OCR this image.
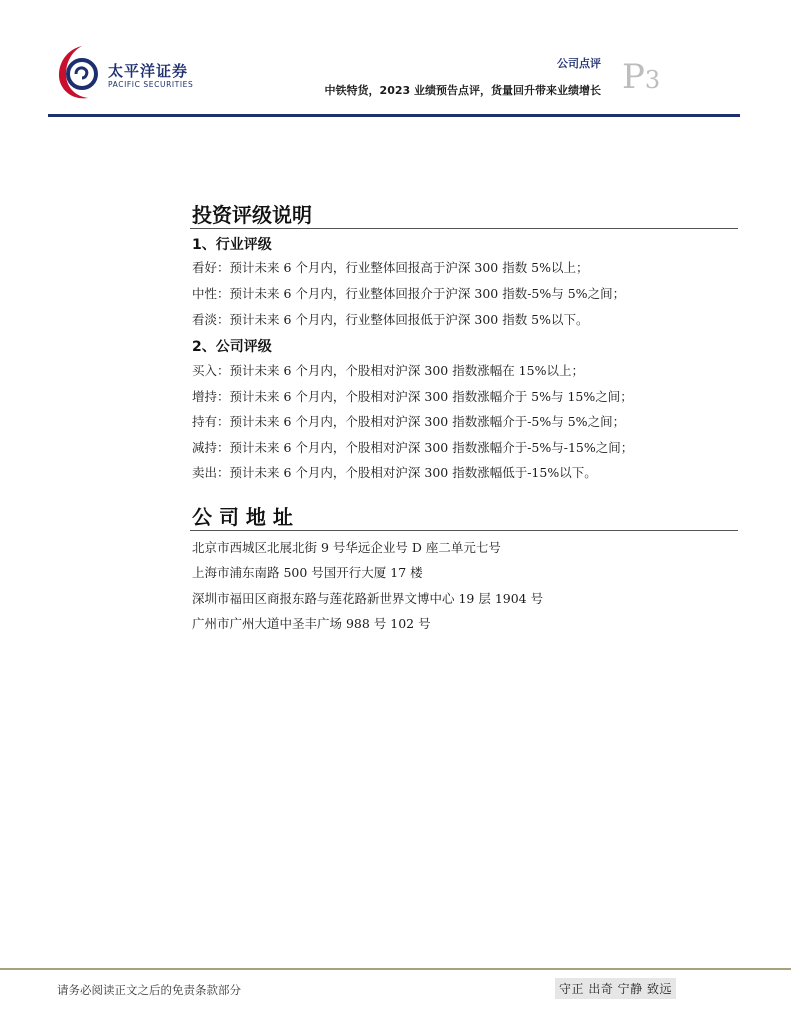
太平洋证券
PACIFIC SECURITIES
公司点评
中铁特货，2023 业绩预告点评，货量回升带来业绩增长 P3
投资评级说明
1、行业评级
看好：预计未来 6 个月内，行业整体回报高于沪深 300 指数 5%以上；
中性：预计未来 6 个月内，行业整体回报介于沪深 300 指数-5%与 5%之间；
看淡：预计未来 6 个月内，行业整体回报低于沪深 300 指数 5%以下。
2、公司评级
买入：预计未来 6 个月内，个股相对沪深 300 指数涨幅在 15%以上；
增持：预计未来 6 个月内，个股相对沪深 300 指数涨幅介于 5%与 15%之间；
持有：预计未来 6 个月内，个股相对沪深 300 指数涨幅介于-5%与 5%之间；
减持：预计未来 6 个月内，个股相对沪深 300 指数涨幅介于-5%与-15%之间；
卖出：预计未来 6 个月内，个股相对沪深 300 指数涨幅低于-15%以下。
公 司 地 址
北京市西城区北展北街 9 号华远企业号 D 座二单元七号
上海市浦东南路 500 号国开行大厦 17 楼
深圳市福田区商报东路与莲花路新世界文博中心 19 层 1904 号
广州市广州大道中圣丰广场 988 号 102 号
请务必阅读正文之后的免责条款部分	守正 出奇 宁静 致远
